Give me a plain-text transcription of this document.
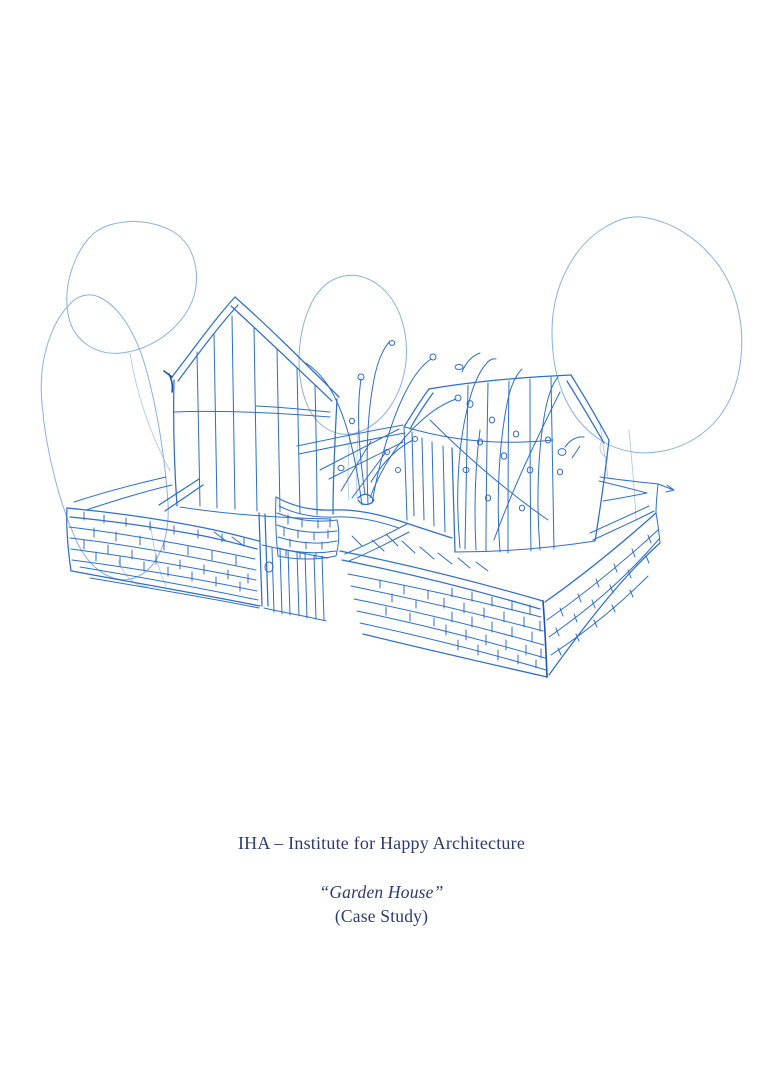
IHA – Institute for Happy Architecture

“Garden House”

(Case Study)
